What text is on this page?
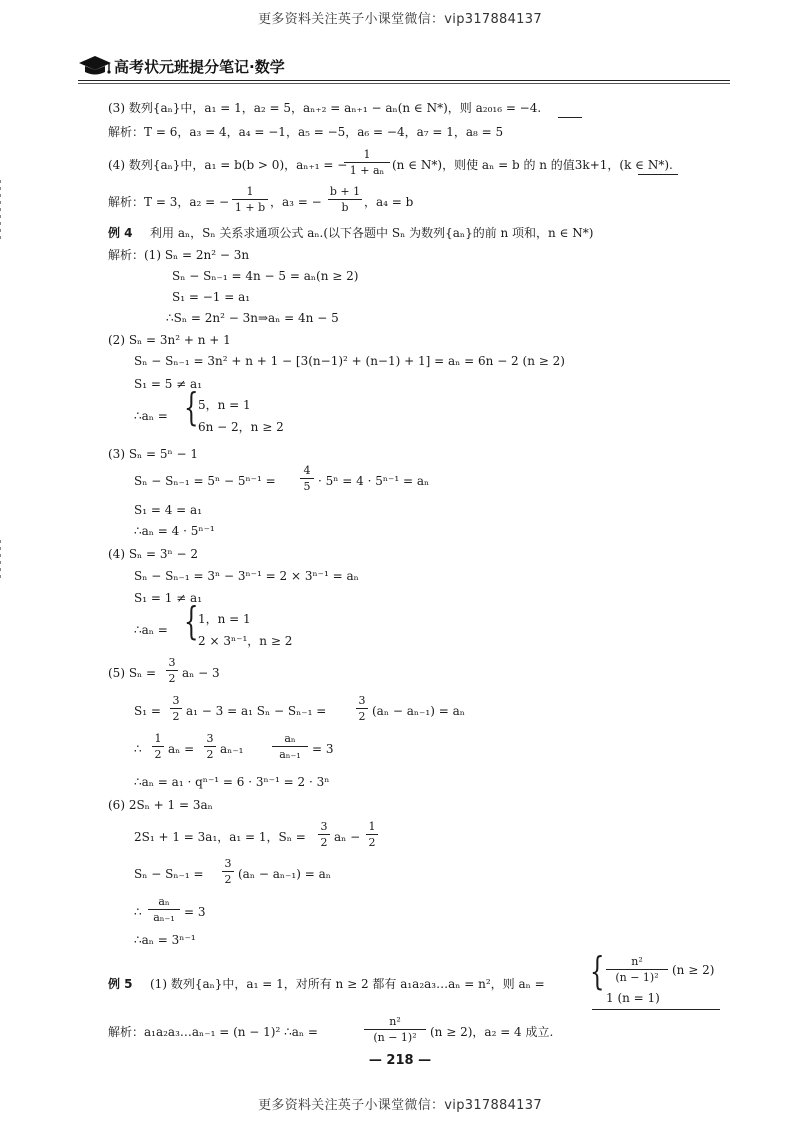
更多资料关注英子小课堂微信：vip317884137
高考状元班提分笔记·数学
(3) 数列{aₙ}中，a₁ = 1，a₂ = 5，aₙ₊₂ = aₙ₊₁ − aₙ(n ∈ N*)，则 a₂₀₁₆ = −4.
解析：T = 6，a₃ = 4，a₄ = −1，a₅ = −5，a₆ = −4，a₇ = 1，a₈ = 5
(4) 数列{aₙ}中，a₁ = b(b > 0)，aₙ₊₁ = −
1
1 + aₙ (n ∈ N*)，则使 aₙ = b 的 n 的值3k+1，(k ∈ N*).
解析：T = 3，a₂ = −
1
1 + b ，a₃ = −
b + 1
b	，a₄ = b
例 4 利用 aₙ，Sₙ 关系求通项公式 aₙ.(以下各题中 Sₙ 为数列{aₙ}的前 n 项和，n ∈ N*)
解析：(1) Sₙ = 2n² − 3n
Sₙ − Sₙ₋₁ = 4n − 5 = aₙ(n ≥ 2)
S₁ = −1 = a₁
∴Sₙ = 2n² − 3n⇒aₙ = 4n − 5
(2) Sₙ = 3n² + n + 1
Sₙ − Sₙ₋₁ = 3n² + n + 1 − [3(n−1)² + (n−1) + 1] = aₙ = 6n − 2 (n ≥ 2)
S₁ = 5 ≠ a₁
∴aₙ = { 5，n = 1
6n − 2，n ≥ 2
(3) Sₙ = 5ⁿ − 1
Sₙ − Sₙ₋₁ = 5ⁿ − 5ⁿ⁻¹ =
4
5 · 5ⁿ = 4 · 5ⁿ⁻¹ = aₙ
S₁ = 4 = a₁
∴aₙ = 4 · 5ⁿ⁻¹
(4) Sₙ = 3ⁿ − 2
Sₙ − Sₙ₋₁ = 3ⁿ − 3ⁿ⁻¹ = 2 × 3ⁿ⁻¹ = aₙ
S₁ = 1 ≠ a₁
∴aₙ = { 1，n = 1
2 × 3ⁿ⁻¹，n ≥ 2
(5) Sₙ =
3
2 aₙ − 3
S₁ =
3
2 a₁ − 3 = a₁ Sₙ − Sₙ₋₁ =
3
2 (aₙ − aₙ₋₁) = aₙ
∴
1
2 aₙ =
3
2 aₙ₋₁
aₙ
aₙ₋₁ = 3
∴aₙ = a₁ · qⁿ⁻¹ = 6 · 3ⁿ⁻¹ = 2 · 3ⁿ
(6) 2Sₙ + 1 = 3aₙ
2S₁ + 1 = 3a₁，a₁ = 1，Sₙ =
3
2 aₙ −
1
2
Sₙ − Sₙ₋₁ =
3
2 (aₙ − aₙ₋₁) = aₙ
∴
aₙ
aₙ₋₁ = 3
∴aₙ = 3ⁿ⁻¹
例 5 (1) 数列{aₙ}中，a₁ = 1，对所有 n ≥ 2 都有 a₁a₂a₃…aₙ = n²，则 aₙ = {	n²
(n − 1)²
(n ≥ 2)
1 (n = 1)
解析：a₁a₂a₃…aₙ₋₁ = (n − 1)² ∴aₙ =
n²
(n − 1)²	(n ≥ 2)，a₂ = 4 成立.
— 218 —
更多资料关注英子小课堂微信：vip317884137
